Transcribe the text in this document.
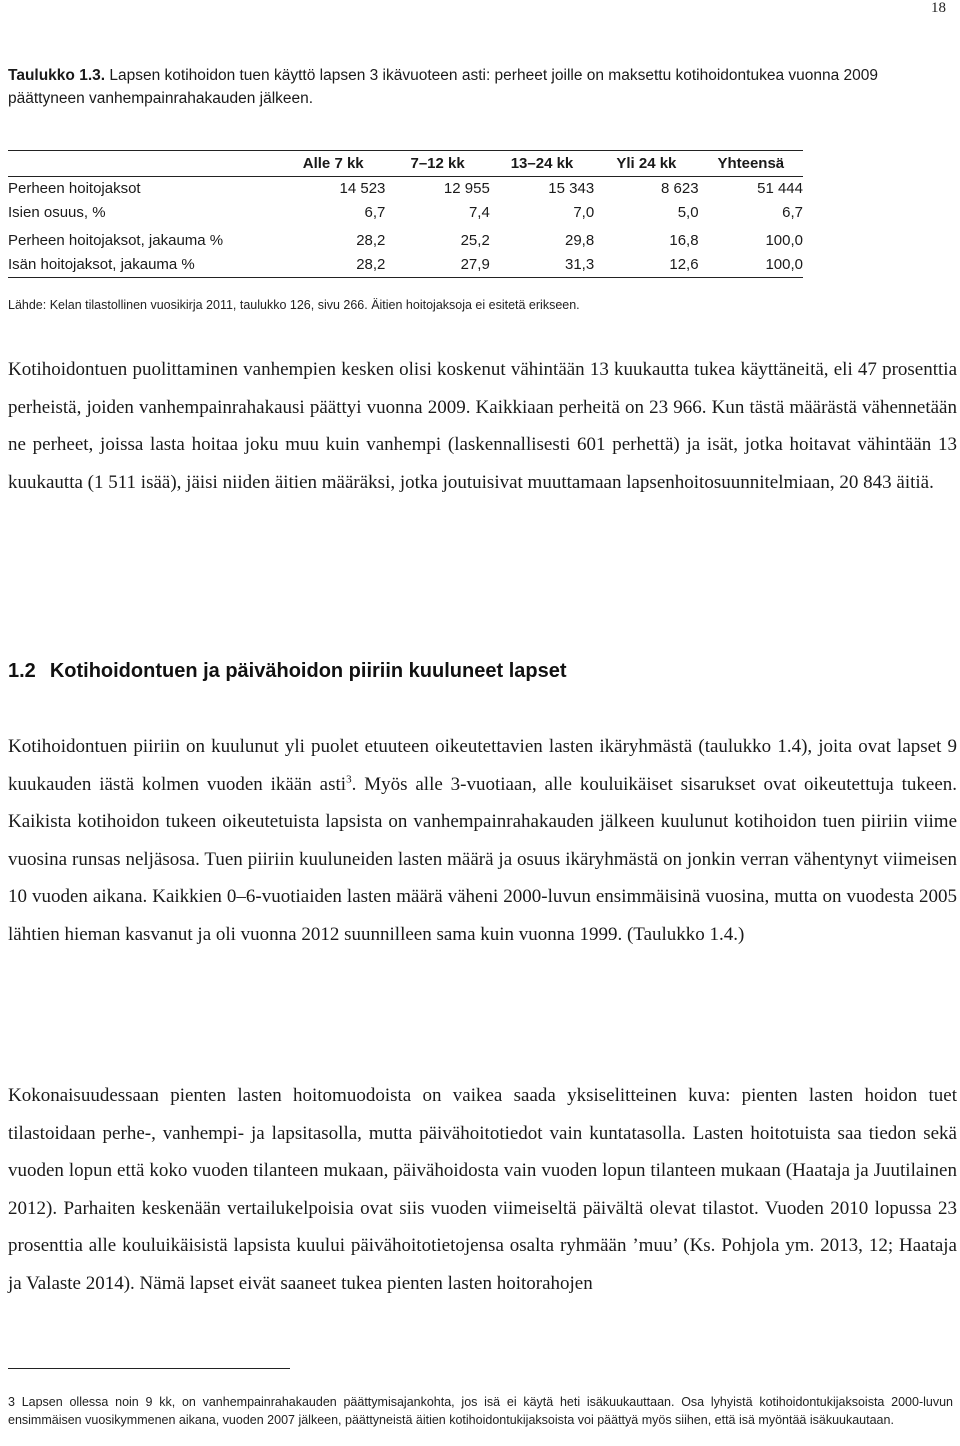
18
Taulukko 1.3. Lapsen kotihoidon tuen käyttö lapsen 3 ikävuoteen asti: perheet joille on maksettu kotihoidontukea vuonna 2009 päättyneen vanhempainrahakauden jälkeen.
	Alle 7 kk	7–12 kk	13–24 kk	Yli 24 kk	Yhteensä
Perheen hoitojaksot	14 523	12 955	15 343	8 623	51 444
Isien osuus, %	6,7	7,4	7,0	5,0	6,7
Perheen hoitojaksot, jakauma %	28,2	25,2	29,8	16,8	100,0
Isän hoitojaksot, jakauma %	28,2	27,9	31,3	12,6	100,0
Lähde: Kelan tilastollinen vuosikirja 2011, taulukko 126, sivu 266. Äitien hoitojaksoja ei esitetä erikseen.

Kotihoidontuen puolittaminen vanhempien kesken olisi koskenut vähintään 13 kuukautta tukea käyttäneitä, eli 47 prosenttia perheistä, joiden vanhempainrahakausi päättyi vuonna 2009. Kaikkiaan perheitä on 23 966. Kun tästä määrästä vähennetään ne perheet, joissa lasta hoitaa joku muu kuin vanhempi (laskennallisesti 601 perhettä) ja isät, jotka hoitavat vähintään 13 kuukautta (1 511 isää), jäisi niiden äitien määräksi, jotka joutuisivat muuttamaan lapsenhoitosuunnitelmiaan, 20 843 äitiä.

1.2 Kotihoidontuen ja päivähoidon piiriin kuuluneet lapset

Kotihoidontuen piiriin on kuulunut yli puolet etuuteen oikeutettavien lasten ikäryhmästä (taulukko 1.4), joita ovat lapset 9 kuukauden iästä kolmen vuoden ikään asti$^3$. Myös alle 3-vuotiaan, alle kouluikäiset sisarukset ovat oikeutettuja tukeen. Kaikista kotihoidon tukeen oikeutetuista lapsista on vanhempainrahakauden jälkeen kuulunut kotihoidon tuen piiriin viime vuosina runsas neljäsosa. Tuen piiriin kuuluneiden lasten määrä ja osuus ikäryhmästä on jonkin verran vähentynyt viimeisen 10 vuoden aikana. Kaikkien 0–6-vuotiaiden lasten määrä väheni 2000-luvun ensimmäisinä vuosina, mutta on vuodesta 2005 lähtien hieman kasvanut ja oli vuonna 2012 suunnilleen sama kuin vuonna 1999. (Taulukko 1.4.)

Kokonaisuudessaan pienten lasten hoitomuodoista on vaikea saada yksiselitteinen kuva: pienten lasten hoidon tuet tilastoidaan perhe-, vanhempi- ja lapsitasolla, mutta päivähoitotiedot vain kuntatasolla. Lasten hoitotuista saa tiedon sekä vuoden lopun että koko vuoden tilanteen mukaan, päivähoidosta vain vuoden lopun tilanteen mukaan (Haataja ja Juutilainen 2012). Parhaiten keskenään vertailukelpoisia ovat siis vuoden viimeiseltä päivältä olevat tilastot. Vuoden 2010 lopussa 23 prosenttia alle kouluikäisistä lapsista kuului päivähoitotietojensa osalta ryhmään ’muu’ (Ks. Pohjola ym. 2013, 12; Haataja ja Valaste 2014). Nämä lapset eivät saaneet tukea pienten lasten hoitorahojen

3 Lapsen ollessa noin 9 kk, on vanhempainrahakauden päättymisajankohta, jos isä ei käytä heti isäkuukauttaan. Osa lyhyistä kotihoidontukijaksoista 2000-luvun ensimmäisen vuosikymmenen aikana, vuoden 2007 jälkeen, päättyneistä äitien kotihoidontukijaksoista voi päättyä myös siihen, että isä myöntää isäkuukautaan.
